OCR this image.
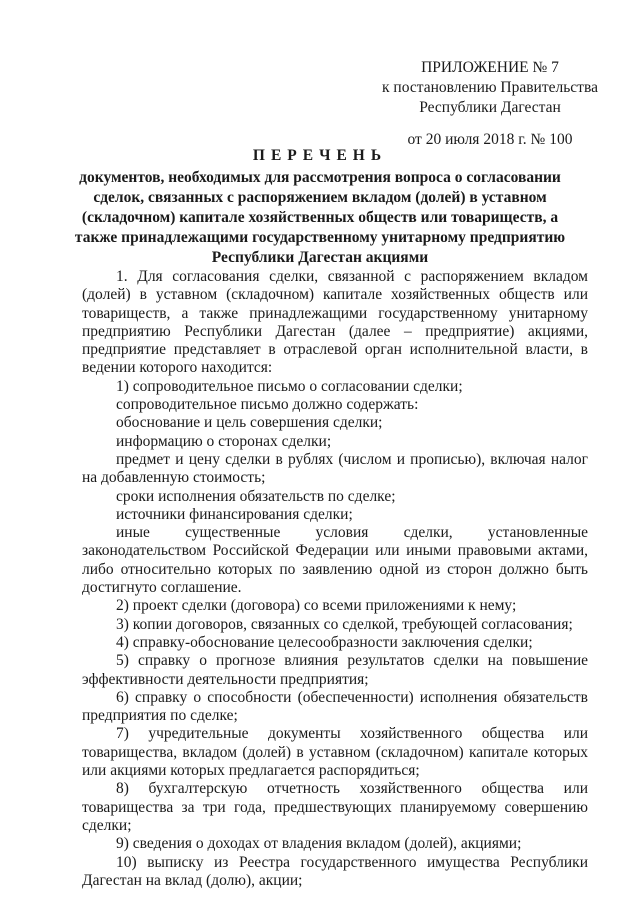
ПРИЛОЖЕНИЕ № 7
к постановлению Правительства
Республики Дагестан
от 20 июля 2018 г. № 100
ПЕРЕЧЕНЬ
документов, необходимых для рассмотрения вопроса о согласовании сделок, связанных с распоряжением вкладом (долей) в уставном (складочном) капитале хозяйственных обществ или товариществ, а также принадлежащими государственному унитарному предприятию Республики Дагестан акциями

1. Для согласования сделки, связанной с распоряжением вкладом (долей) в уставном (складочном) капитале хозяйственных обществ или товариществ, а также принадлежащими государственному унитарному предприятию Республики Дагестан (далее – предприятие) акциями, предприятие представляет в отраслевой орган исполнительной власти, в ведении которого находится:

1) сопроводительное письмо о согласовании сделки;

сопроводительное письмо должно содержать:

обоснование и цель совершения сделки;

информацию о сторонах сделки;

предмет и цену сделки в рублях (числом и прописью), включая налог на добавленную стоимость;

сроки исполнения обязательств по сделке;

источники финансирования сделки;

иные существенные условия сделки, установленные законодательством Российской Федерации или иными правовыми актами, либо относительно которых по заявлению одной из сторон должно быть достигнуто соглашение.

2) проект сделки (договора) со всеми приложениями к нему;

3) копии договоров, связанных со сделкой, требующей согласования;

4) справку-обоснование целесообразности заключения сделки;

5) справку о прогнозе влияния результатов сделки на повышение эффективности деятельности предприятия;

6) справку о способности (обеспеченности) исполнения обязательств предприятия по сделке;

7) учредительные документы хозяйственного общества или товарищества, вкладом (долей) в уставном (складочном) капитале которых или акциями которых предлагается распорядиться;

8) бухгалтерскую отчетность хозяйственного общества или товарищества за три года, предшествующих планируемому совершению сделки;

9) сведения о доходах от владения вкладом (долей), акциями;

10) выписку из Реестра государственного имущества Республики Дагестан на вклад (долю), акции;
